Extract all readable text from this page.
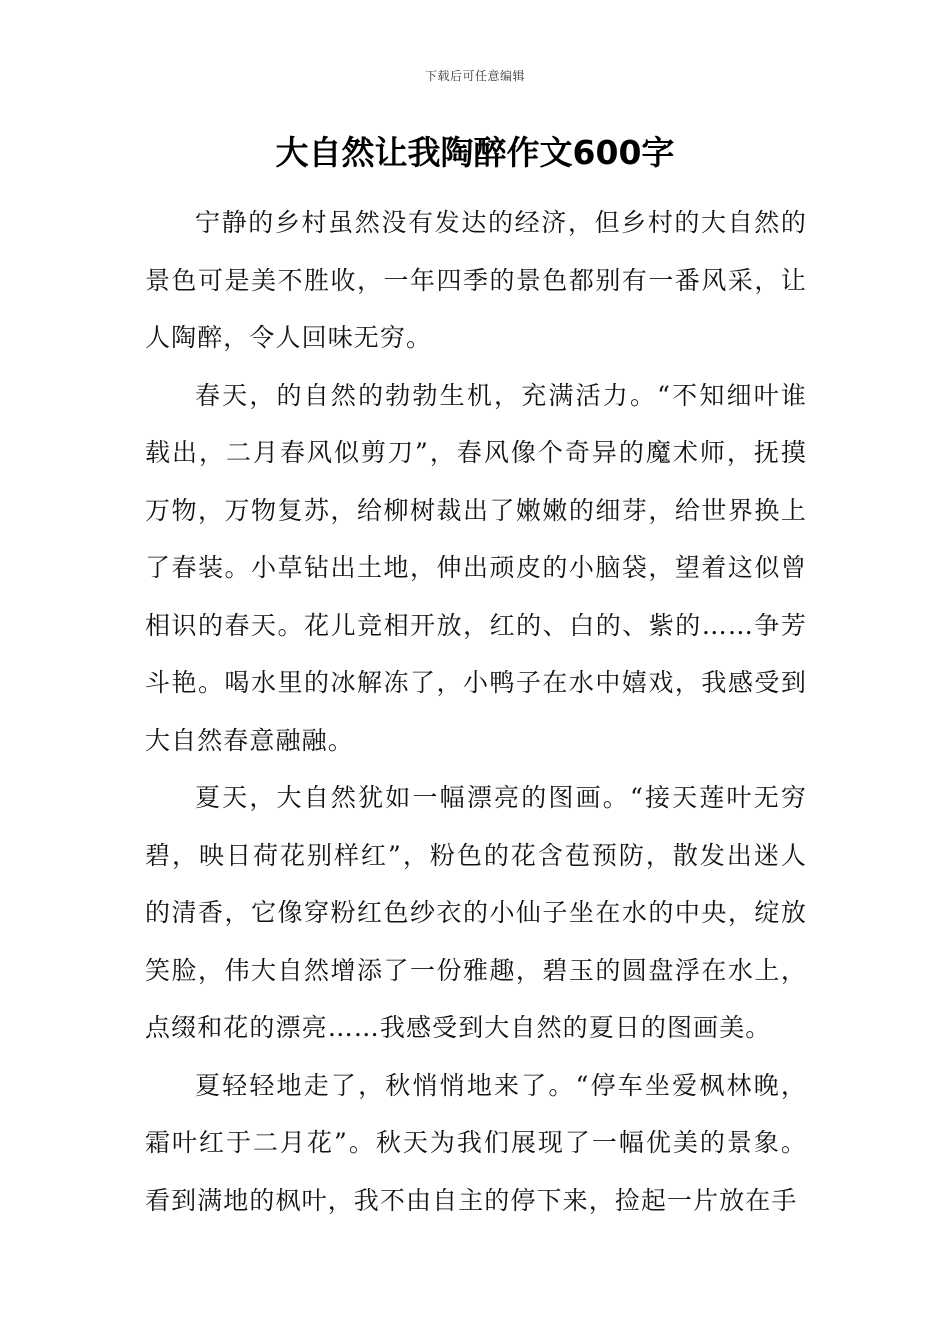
下载后可任意编辑
大自然让我陶醉作文600字

宁静的乡村虽然没有发达的经济，但乡村的大自然的景色可是美不胜收，一年四季的景色都别有一番风采，让人陶醉，令人回味无穷。

春天，的自然的勃勃生机，充满活力。“不知细叶谁载出，二月春风似剪刀”，春风像个奇异的魔术师，抚摸万物，万物复苏，给柳树裁出了嫩嫩的细芽，给世界换上了春装。小草钻出土地，伸出顽皮的小脑袋，望着这似曾相识的春天。花儿竞相开放，红的、白的、紫的……争芳斗艳。喝水里的冰解冻了，小鸭子在水中嬉戏，我感受到大自然春意融融。

夏天，大自然犹如一幅漂亮的图画。“接天莲叶无穷碧，映日荷花别样红”，粉色的花含苞预防，散发出迷人的清香，它像穿粉红色纱衣的小仙子坐在水的中央，绽放笑脸，伟大自然增添了一份雅趣，碧玉的圆盘浮在水上，点缀和花的漂亮……我感受到大自然的夏日的图画美。

夏轻轻地走了，秋悄悄地来了。“停车坐爱枫林晚，霜叶红于二月花”。秋天为我们展现了一幅优美的景象。看到满地的枫叶，我不由自主的停下来，捡起一片放在手
